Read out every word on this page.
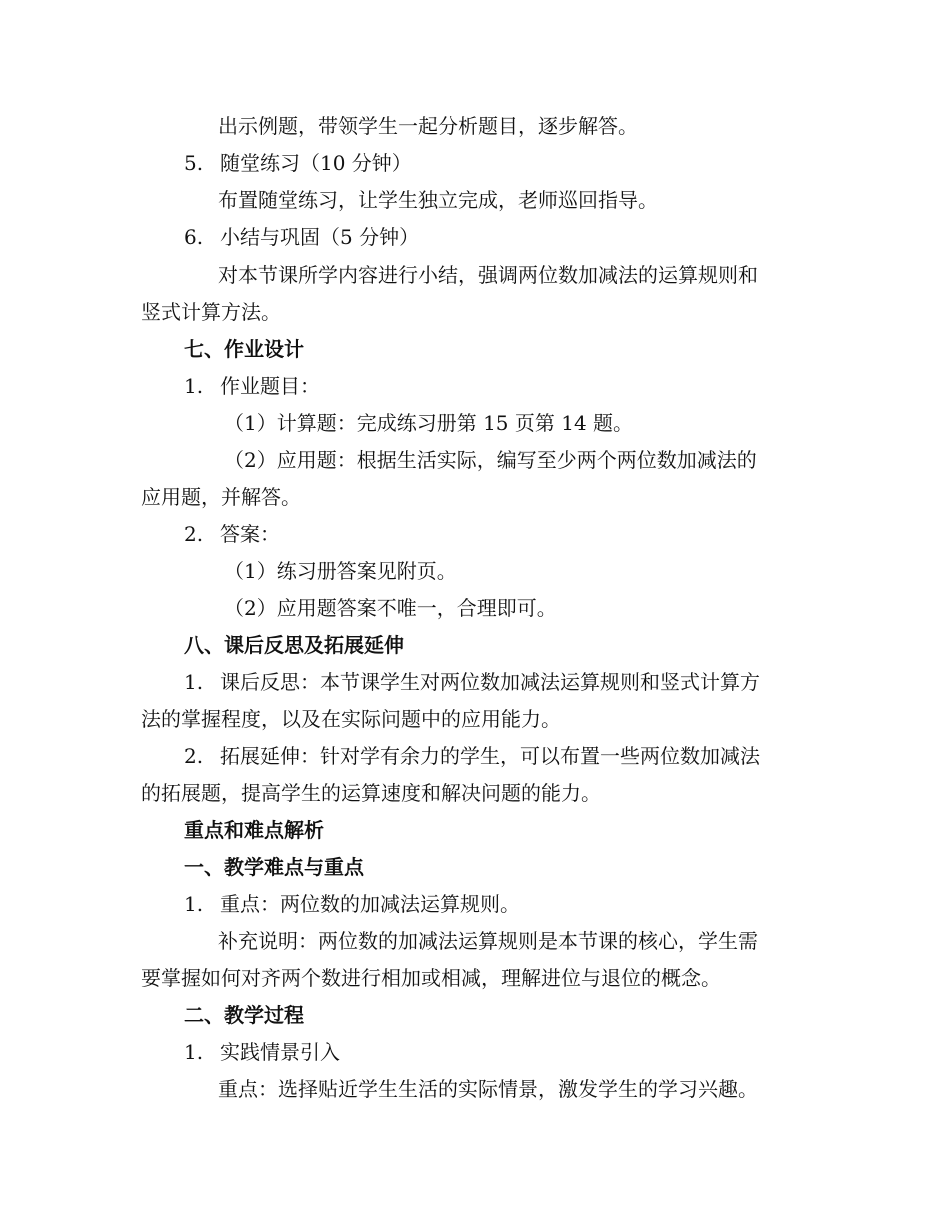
出示例题，带领学生一起分析题目，逐步解答。
5. 随堂练习（10 分钟）
布置随堂练习，让学生独立完成，老师巡回指导。
6. 小结与巩固（5 分钟）
对本节课所学内容进行小结，强调两位数加减法的运算规则和
竖式计算方法。
七、作业设计
1. 作业题目：
（1）计算题：完成练习册第 15 页第 14 题。
（2）应用题：根据生活实际，编写至少两个两位数加减法的
应用题，并解答。
2. 答案：
（1）练习册答案见附页。
（2）应用题答案不唯一，合理即可。
八、课后反思及拓展延伸
1. 课后反思：本节课学生对两位数加减法运算规则和竖式计算方
法的掌握程度，以及在实际问题中的应用能力。
2. 拓展延伸：针对学有余力的学生，可以布置一些两位数加减法
的拓展题，提高学生的运算速度和解决问题的能力。
重点和难点解析
一、教学难点与重点
1. 重点：两位数的加减法运算规则。
补充说明：两位数的加减法运算规则是本节课的核心，学生需
要掌握如何对齐两个数进行相加或相减，理解进位与退位的概念。
二、教学过程
1. 实践情景引入
重点：选择贴近学生生活的实际情景，激发学生的学习兴趣。
